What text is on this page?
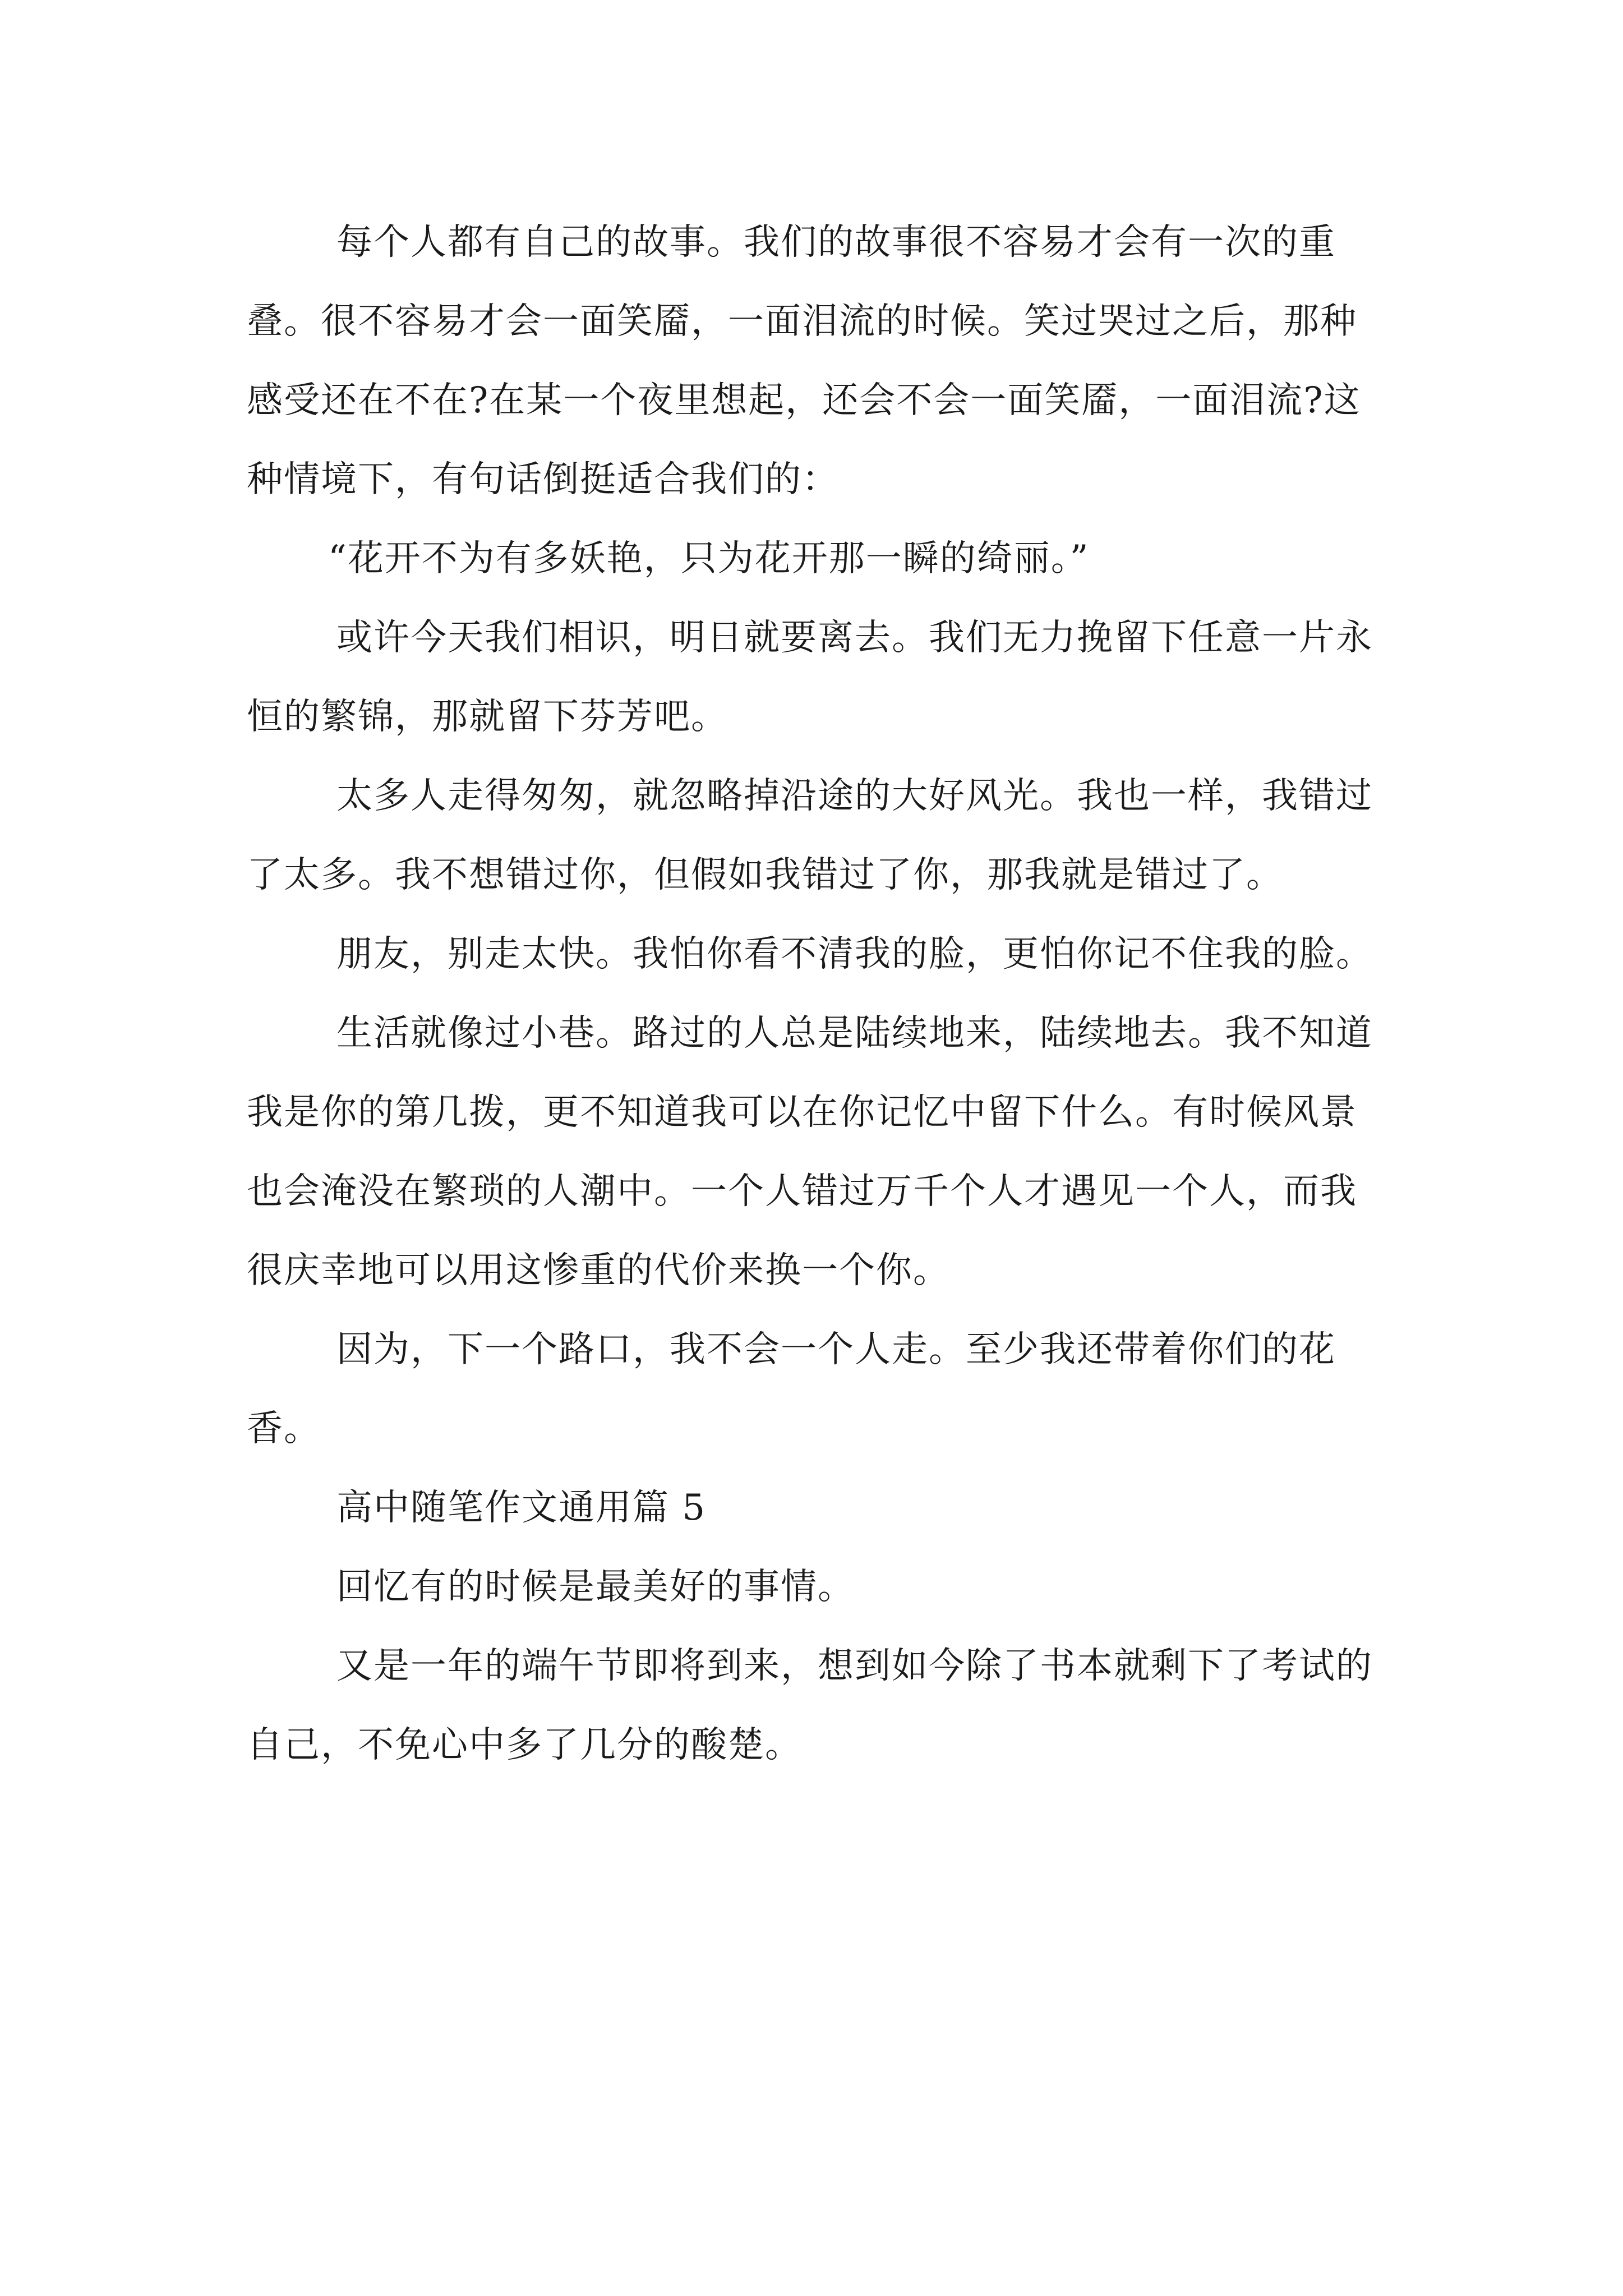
每个人都有自己的故事。我们的故事很不容易才会有一次的重叠。很不容易才会一面笑靥，一面泪流的时候。笑过哭过之后，那种感受还在不在?在某一个夜里想起，还会不会一面笑靥，一面泪流?这种情境下，有句话倒挺适合我们的：

“花开不为有多妖艳，只为花开那一瞬的绮丽。”

或许今天我们相识，明日就要离去。我们无力挽留下任意一片永恒的繁锦，那就留下芬芳吧。

太多人走得匆匆，就忽略掉沿途的大好风光。我也一样，我错过了太多。我不想错过你，但假如我错过了你，那我就是错过了。

朋友，别走太快。我怕你看不清我的脸，更怕你记不住我的脸。

生活就像过小巷。路过的人总是陆续地来，陆续地去。我不知道我是你的第几拨，更不知道我可以在你记忆中留下什么。有时候风景也会淹没在繁琐的人潮中。一个人错过万千个人才遇见一个人，而我很庆幸地可以用这惨重的代价来换一个你。

因为，下一个路口，我不会一个人走。至少我还带着你们的花香。

高中随笔作文通用篇 5

回忆有的时候是最美好的事情。

又是一年的端午节即将到来，想到如今除了书本就剩下了考试的自己，不免心中多了几分的酸楚。
